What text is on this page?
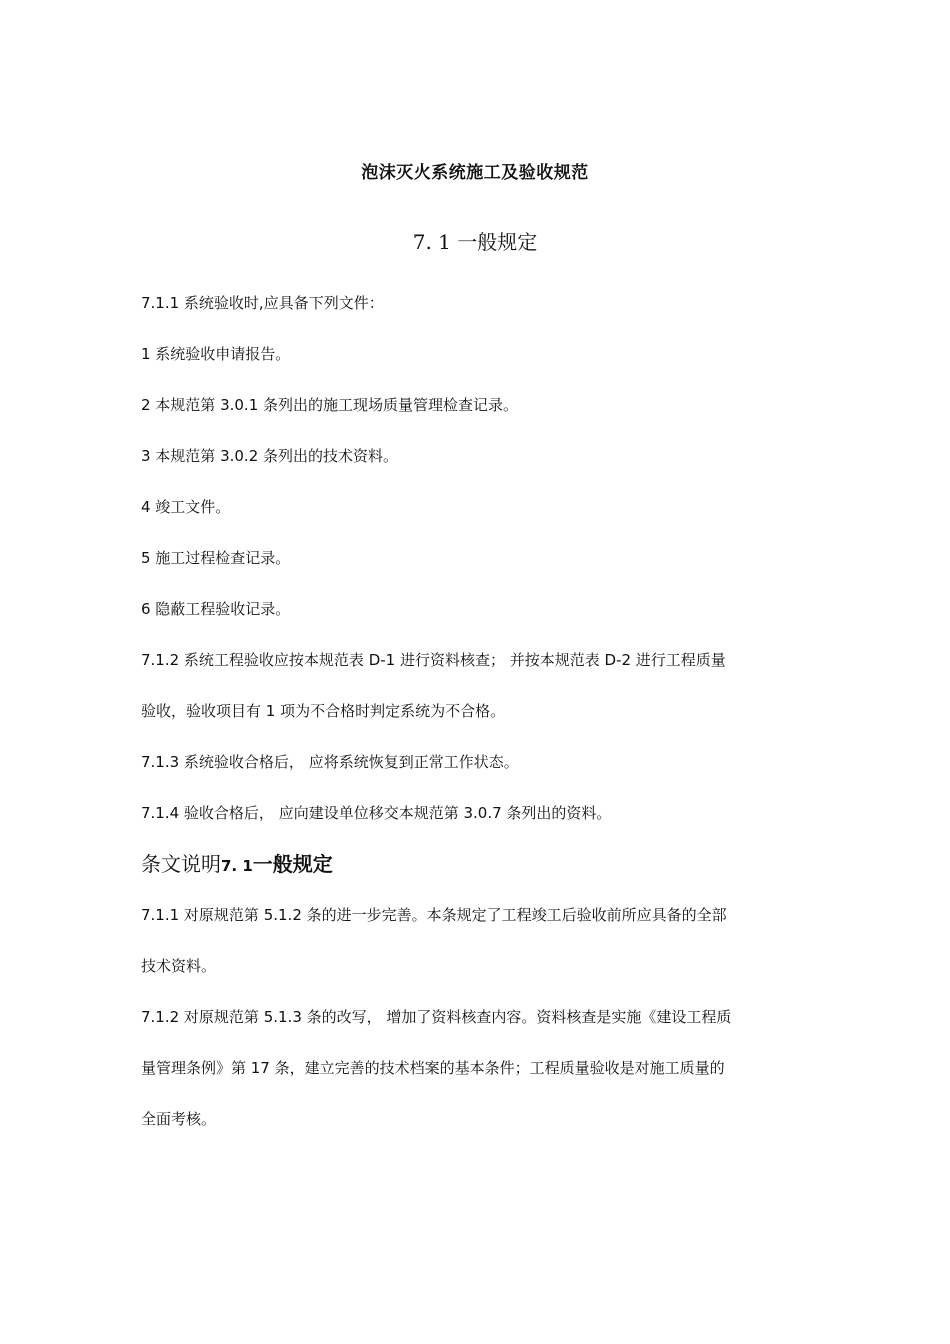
泡沫灭火系统施工及验收规范
7. 1 一般规定
7.1.1 系统验收时,应具备下列文件：
1 系统验收申请报告。
2 本规范第 3.0.1 条列出的施工现场质量管理检查记录。
3 本规范第 3.0.2 条列出的技术资料。
4 竣工文件。
5 施工过程检查记录。
6 隐蔽工程验收记录。
7.1.2 系统工程验收应按本规范表 D-1 进行资料核查； 并按本规范表 D-2 进行工程质量
验收，验收项目有 1 项为不合格时判定系统为不合格。
7.1.3 系统验收合格后， 应将系统恢复到正常工作状态。
7.1.4 验收合格后， 应向建设单位移交本规范第 3.0.7 条列出的资料。
条文说明7. 1一般规定
7.1.1 对原规范第 5.1.2 条的进一步完善。本条规定了工程竣工后验收前所应具备的全部
技术资料。
7.1.2 对原规范第 5.1.3 条的改写， 增加了资料核查内容。资料核查是实施《建设工程质
量管理条例》第 17 条，建立完善的技术档案的基本条件；工程质量验收是对施工质量的
全面考核。
